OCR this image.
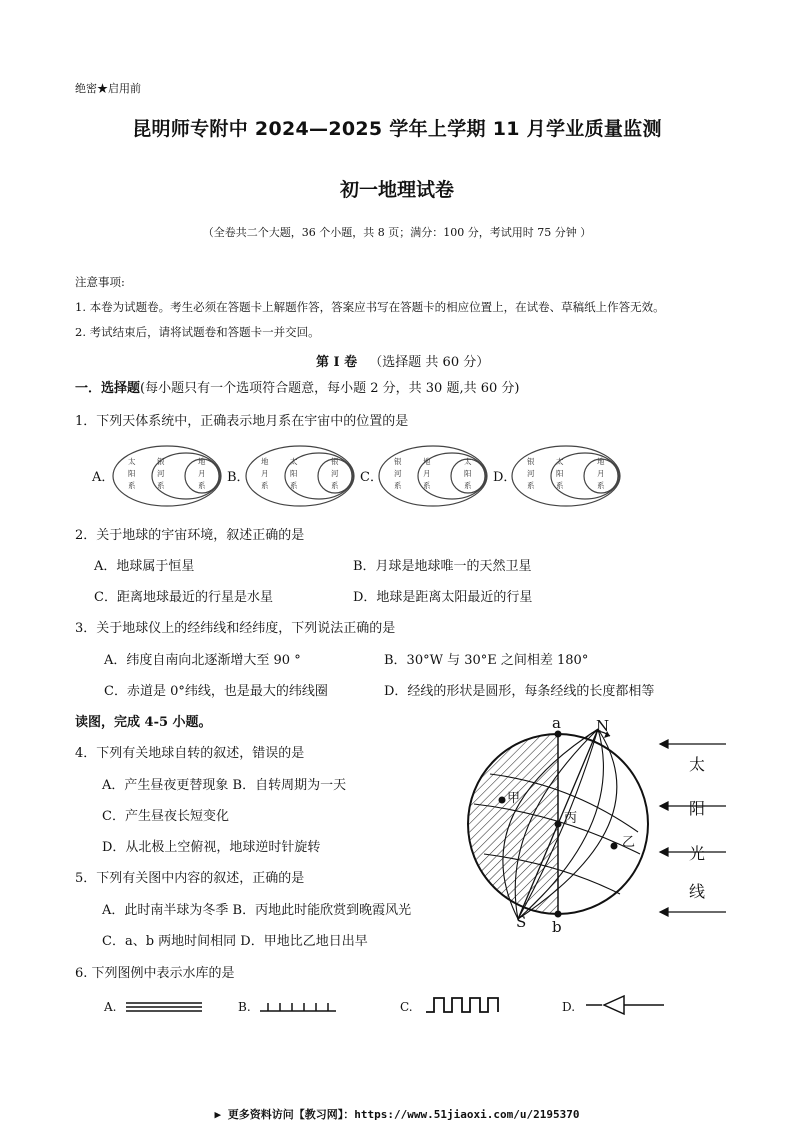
绝密★启用前
昆明师专附中 2024—2025 学年上学期 11 月学业质量监测
初一地理试卷
（全卷共二个大题，36 个小题，共 8 页；满分：100 分，考试用时 75 分钟 ）
注意事项:
1. 本卷为试题卷。考生必须在答题卡上解题作答，答案应书写在答题卡的相应位置上，在试卷、草稿纸上作答无效。
2. 考试结束后，请将试题卷和答题卡一并交回。
第 I 卷 （选择题 共 60 分）
一．选择题(每小题只有一个选项符合题意，每小题 2 分，共 30 题,共 60 分)
1．下列天体系统中，正确表示地月系在宇宙中的位置的是
A．
太
阳
系
银
河
系
地
月
系
B．
地
月
系
太
阳
系
银
河
系
C．
银
河
系
地
月
系
太
阳
系
D．
银
河
系
太
阳
系
地
月
系
2．关于地球的宇宙环境，叙述正确的是
A．地球属于恒星	B．月球是地球唯一的天然卫星
C．距离地球最近的行星是水星	D．地球是距离太阳最近的行星
3．关于地球仪上的经纬线和经纬度，下列说法正确的是
A．纬度自南向北逐渐增大至 90 °	B．30°W 与 30°E 之间相差 180°
C．赤道是 0°纬线，也是最大的纬线圈	D．经线的形状是圆形，每条经线的长度都相等
读图，完成 4-5 小题。
4．下列有关地球自转的叙述，错误的是
A．产生昼夜更替现象 B．自转周期为一天
C．产生昼夜长短变化
D．从北极上空俯视，地球逆时针旋转
5．下列有关图中内容的叙述，正确的是
A．此时南半球为冬季 B．丙地此时能欣赏到晚霞风光
C．a、b 两地时间相同 D．甲地比乙地日出早
a
b
N
S
甲
丙
乙
太
阳
光
线
6. 下列图例中表示水库的是
A.	B.	C.	D.
▶ 更多资料访问【教习网】：https://www.51jiaoxi.com/u/2195370
